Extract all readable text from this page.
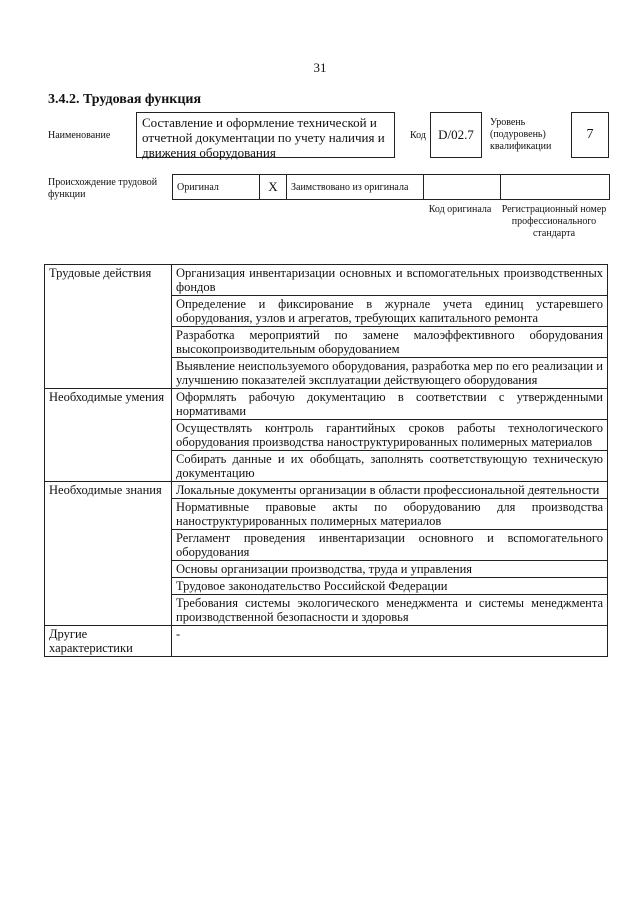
31
3.4.2. Трудовая функция
Наименование
Составление и оформление технической и отчетной документации по учету наличия и движения оборудования
Код D/02.7
Уровень (подуровень) квалификации
7
Происхождение трудовой функции
Оригинал	X	Заимствовано из оригинала		
Код оригинала	Регистрационный номер профессионального стандарта
Трудовые действия	Организация инвентаризации основных и вспомогательных производственных фондов
	Определение и фиксирование в журнале учета единиц устаревшего оборудования, узлов и агрегатов, требующих капитального ремонта
	Разработка мероприятий по замене малоэффективного оборудования высокопроизводительным оборудованием
	Выявление неиспользуемого оборудования, разработка мер по его реализации и улучшению показателей эксплуатации действующего оборудования
Необходимые умения	Оформлять рабочую документацию в соответствии с утвержденными нормативами
	Осуществлять контроль гарантийных сроков работы технологического оборудования производства наноструктурированных полимерных материалов
	Собирать данные и их обобщать, заполнять соответствующую техническую документацию
Необходимые знания	Локальные документы организации в области профессиональной деятельности
	Нормативные правовые акты по оборудованию для производства наноструктурированных полимерных материалов
	Регламент проведения инвентаризации основного и вспомогательного оборудования
	Основы организации производства, труда и управления
	Трудовое законодательство Российской Федерации
	Требования системы экологического менеджмента и системы менеджмента производственной безопасности и здоровья
Другие характеристики	-
